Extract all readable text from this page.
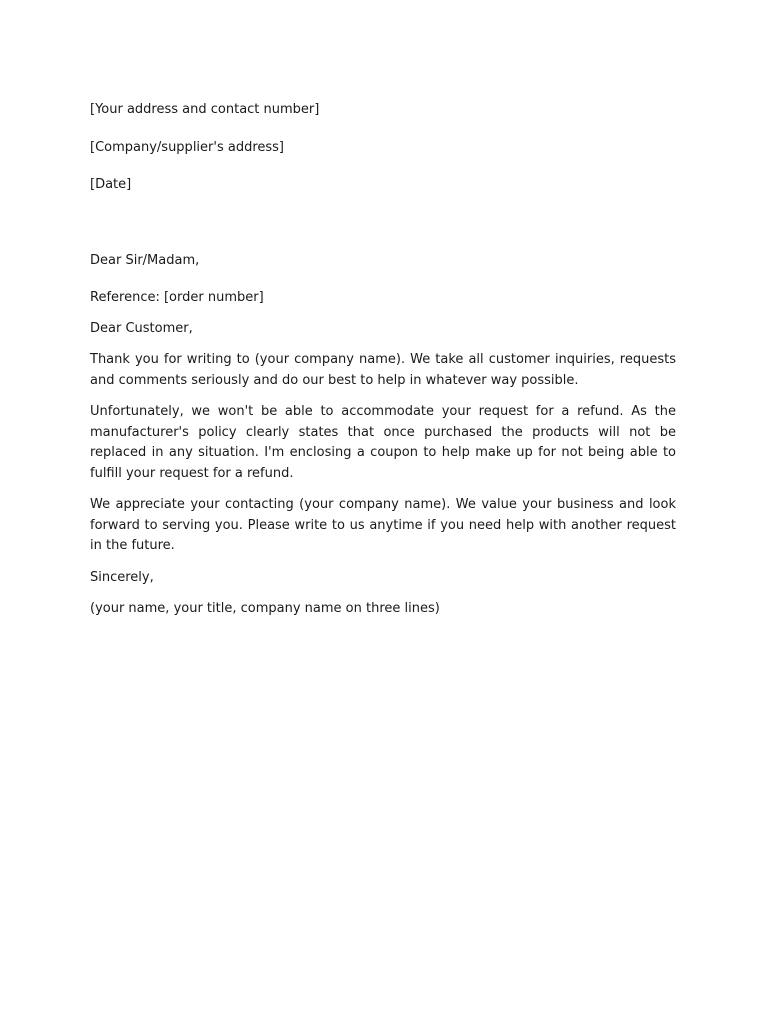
[Your address and contact number]

[Company/supplier's address]

[Date]

Dear Sir/Madam,

Reference: [order number]

Dear Customer,

Thank you for writing to (your company name). We take all customer inquiries, requests and comments seriously and do our best to help in whatever way possible.

Unfortunately, we won't be able to accommodate your request for a refund. As the manufacturer's policy clearly states that once purchased the products will not be replaced in any situation. I'm enclosing a coupon to help make up for not being able to fulfill your request for a refund.

We appreciate your contacting (your company name). We value your business and look forward to serving you. Please write to us anytime if you need help with another request in the future.

Sincerely,

(your name, your title, company name on three lines)
